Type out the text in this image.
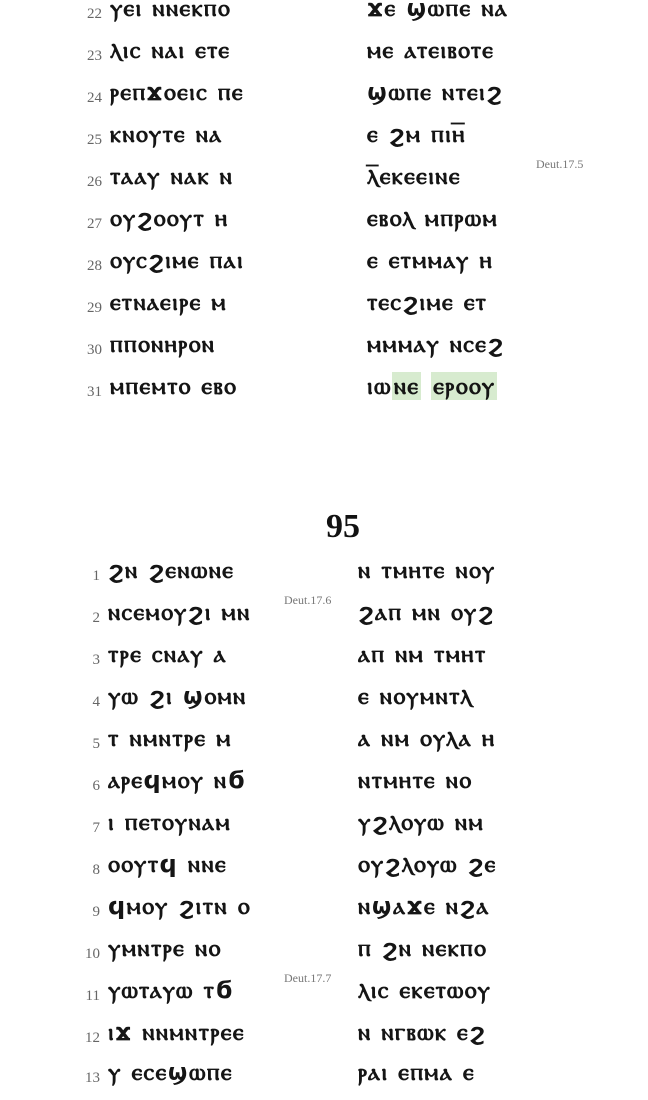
22 ⲩⲉⲓ ⲛⲛⲉⲕⲡⲟ	ϫⲉ ϣⲱⲡⲉ ⲛⲁ
23 ⲗⲓⲥ ⲛⲁⲓ ⲉⲧⲉ	ⲙⲉ ⲁⲧⲉⲓⲃⲟⲧⲉ
24 ⲣⲉⲡϫⲟⲉⲓⲥ ⲡⲉ	ϣⲱⲡⲉ ⲛⲧⲉⲓϩ
25 ⲕⲛⲟⲩⲧⲉ ⲛⲁ	ⲉ ϩⲙ ⲡⲓⲏ̅
26 ⲧⲁⲁⲩ ⲛⲁⲕ ⲛ	ⲗ̅ⲉⲕⲉⲉⲓⲛⲉ
27 ⲟⲩϩⲟⲟⲩⲧ ⲏ	ⲉⲃⲟⲗ ⲙⲡⲣⲱⲙ
28 ⲟⲩⲥϩⲓⲙⲉ ⲡⲁⲓ	ⲉ ⲉⲧⲙⲙⲁⲩ ⲏ
29 ⲉⲧⲛⲁⲉⲓⲣⲉ ⲙ	ⲧⲉⲥϩⲓⲙⲉ ⲉⲧ
30 ⲡⲡⲟⲛⲏⲣⲟⲛ	ⲙⲙⲙⲁⲩ ⲛⲥⲉϩ
31 ⲙⲡⲉⲙⲧⲟ ⲉⲃⲟ	ⲓⲱⲛⲉ ⲉⲣⲟⲟⲩ
Deut.17.5
95
1 ϩⲛ ϩⲉⲛⲱⲛⲉ	ⲛ ⲧⲙⲏⲧⲉ ⲛⲟⲩ
2 ⲛⲥⲉⲙⲟⲩϩⲓ ⲙⲛ	ϩⲁⲡ ⲙⲛ ⲟⲩϩ
3 ⲧⲣⲉ ⲥⲛⲁⲩ ⲁ	ⲁⲡ ⲛⲙ ⲧⲙⲏⲧ
4 ⲩⲱ ϩⲓ ϣⲟⲙⲛ	ⲉ ⲛⲟⲩⲙⲛⲧⲗ
5 ⲧ ⲛⲙⲛⲧⲣⲉ ⲙ	ⲁ ⲛⲙ ⲟⲩⲗⲁ ⲏ
6 ⲁⲣⲉϥⲙⲟⲩ ⲛϭ	ⲛⲧⲙⲏⲧⲉ ⲛⲟ
7 ⲓ ⲡⲉⲧⲟⲩⲛⲁⲙ	ⲩϩⲗⲟⲩⲱ ⲛⲙ
8 ⲟⲟⲩⲧϥ ⲛⲛⲉ	ⲟⲩϩⲗⲟⲩⲱ ϩⲉ
9 ϥⲙⲟⲩ ϩⲓⲧⲛ ⲟ	ⲛϣⲁϫⲉ ⲛϩⲁ
10 ⲩⲙⲛⲧⲣⲉ ⲛⲟ	ⲡ ϩⲛ ⲛⲉⲕⲡⲟ
11 ⲩⲱⲧⲁⲩⲱ ⲧϭ	ⲗⲓⲥ ⲉⲕⲉⲧⲱⲟⲩ
12 ⲓϫ ⲛⲛⲙⲛⲧⲣⲉⲉ	ⲛ ⲛⲅⲃⲱⲕ ⲉϩ
13 ⲩ ⲉⲥⲉϣⲱⲡⲉ	ⲣⲁⲓ ⲉⲡⲙⲁ ⲉ
Deut.17.6
Deut.17.7
